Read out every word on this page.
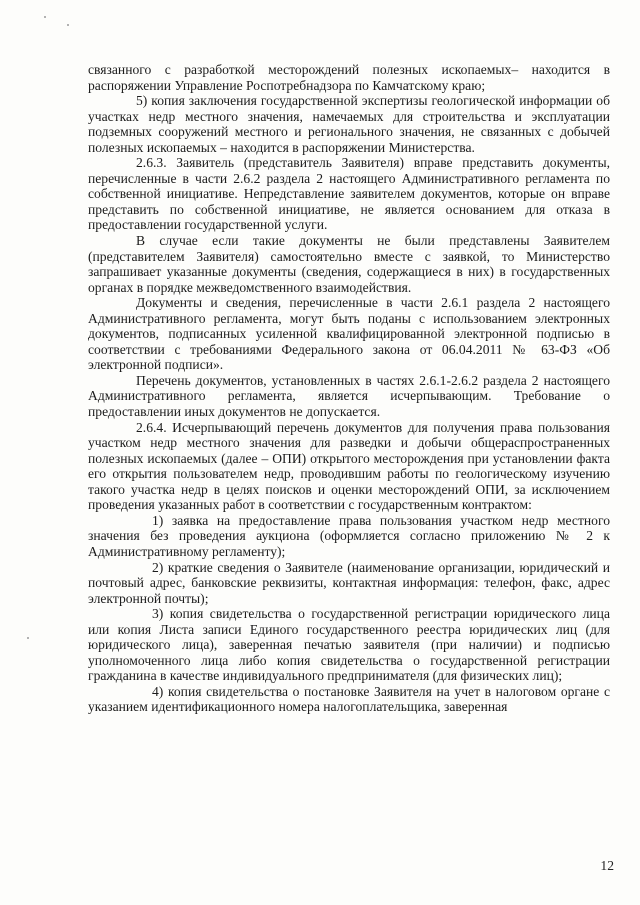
связанного с разработкой месторождений полезных ископаемых– находится в распоряжении Управление Роспотребнадзора по Камчатскому краю;

5) копия заключения государственной экспертизы геологической информации об участках недр местного значения, намечаемых для строительства и эксплуатации подземных сооружений местного и регионального значения, не связанных с добычей полезных ископаемых – находится в распоряжении Министерства.

2.6.3. Заявитель (представитель Заявителя) вправе представить документы, перечисленные в части 2.6.2 раздела 2 настоящего Административного регламента по собственной инициативе. Непредставление заявителем документов, которые он вправе представить по собственной инициативе, не является основанием для отказа в предоставлении государственной услуги.

В случае если такие документы не были представлены Заявителем (представителем Заявителя) самостоятельно вместе с заявкой, то Министерство запрашивает указанные документы (сведения, содержащиеся в них) в государственных органах в порядке межведомственного взаимодействия.

Документы и сведения, перечисленные в части 2.6.1 раздела 2 настоящего Административного регламента, могут быть поданы с использованием электронных документов, подписанных усиленной квалифицированной электронной подписью в соответствии с требованиями Федерального закона от 06.04.2011 № 63-ФЗ «Об электронной подписи».

Перечень документов, установленных в частях 2.6.1-2.6.2 раздела 2 настоящего Административного регламента, является исчерпывающим. Требование о предоставлении иных документов не допускается.

2.6.4. Исчерпывающий перечень документов для получения права пользования участком недр местного значения для разведки и добычи общераспространенных полезных ископаемых (далее – ОПИ) открытого месторождения при установлении факта его открытия пользователем недр, проводившим работы по геологическому изучению такого участка недр в целях поисков и оценки месторождений ОПИ, за исключением проведения указанных работ в соответствии с государственным контрактом:

1) заявка на предоставление права пользования участком недр местного значения без проведения аукциона (оформляется согласно приложению № 2 к Административному регламенту);

2) краткие сведения о Заявителе (наименование организации, юридический и почтовый адрес, банковские реквизиты, контактная информация: телефон, факс, адрес электронной почты);

3) копия свидетельства о государственной регистрации юридического лица или копия Листа записи Единого государственного реестра юридических лиц (для юридического лица), заверенная печатью заявителя (при наличии) и подписью уполномоченного лица либо копия свидетельства о государственной регистрации гражданина в качестве индивидуального предпринимателя (для физических лиц);

4) копия свидетельства о постановке Заявителя на учет в налоговом органе с указанием идентификационного номера налогоплательщика, заверенная

12
